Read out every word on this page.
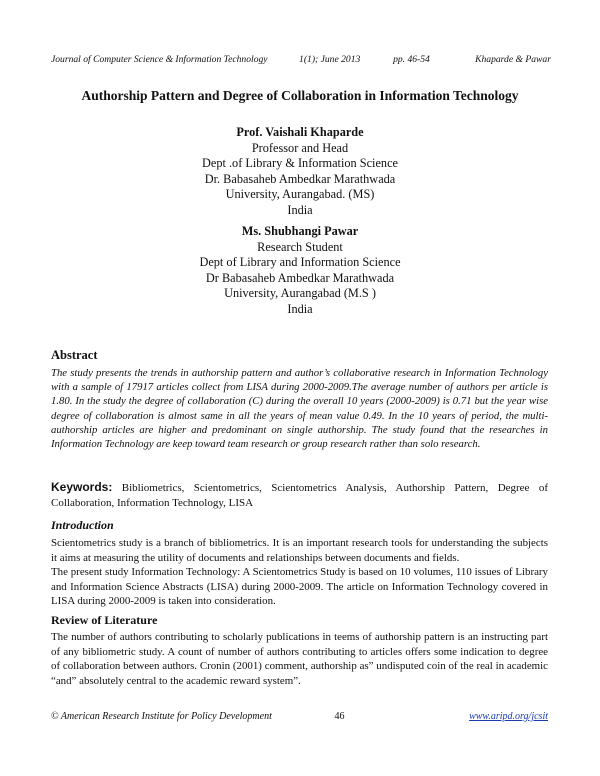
Journal of Computer Science & Information Technology	1(1); June 2013	pp. 46-54	Khaparde & Pawar
Authorship Pattern and Degree of Collaboration in Information Technology
Prof. Vaishali Khaparde
Professor and Head
Dept .of Library & Information Science
Dr. Babasaheb Ambedkar Marathwada
University, Aurangabad. (MS)
India
Ms. Shubhangi Pawar
Research Student
Dept of Library and Information Science
Dr Babasaheb Ambedkar Marathwada
University, Aurangabad (M.S )
India
Abstract
The study presents the trends in authorship pattern and author’s collaborative research in Information Technology with a sample of 17917 articles collect from LISA during 2000-2009.The average number of authors per article is 1.80. In the study the degree of collaboration (C) during the overall 10 years (2000-2009) is 0.71 but the year wise degree of collaboration is almost same in all the years of mean value 0.49. In the 10 years of period, the multi- authorship articles are higher and predominant on single authorship. The study found that the researches in Information Technology are keep toward team research or group research rather than solo research.
Keywords: Bibliometrics, Scientometrics, Scientometrics Analysis, Authorship Pattern, Degree of Collaboration, Information Technology, LISA
Introduction

Scientometrics study is a branch of bibliometrics. It is an important research tools for understanding the subjects it aims at measuring the utility of documents and relationships between documents and fields.

The present study Information Technology: A Scientometrics Study is based on 10 volumes, 110 issues of Library and Information Science Abstracts (LISA) during 2000-2009. The article on Information Technology covered in LISA during 2000-2009 is taken into consideration.

Review of Literature

The number of authors contributing to scholarly publications in teems of authorship pattern is an instructing part of any bibliometric study. A count of number of authors contributing to articles offers some indication to degree of collaboration between authors. Cronin (2001) comment, authorship as” undisputed coin of the real in academic “and” absolutely central to the academic reward system”.

© American Research Institute for Policy Development	46	www.aripd.org/jcsit
